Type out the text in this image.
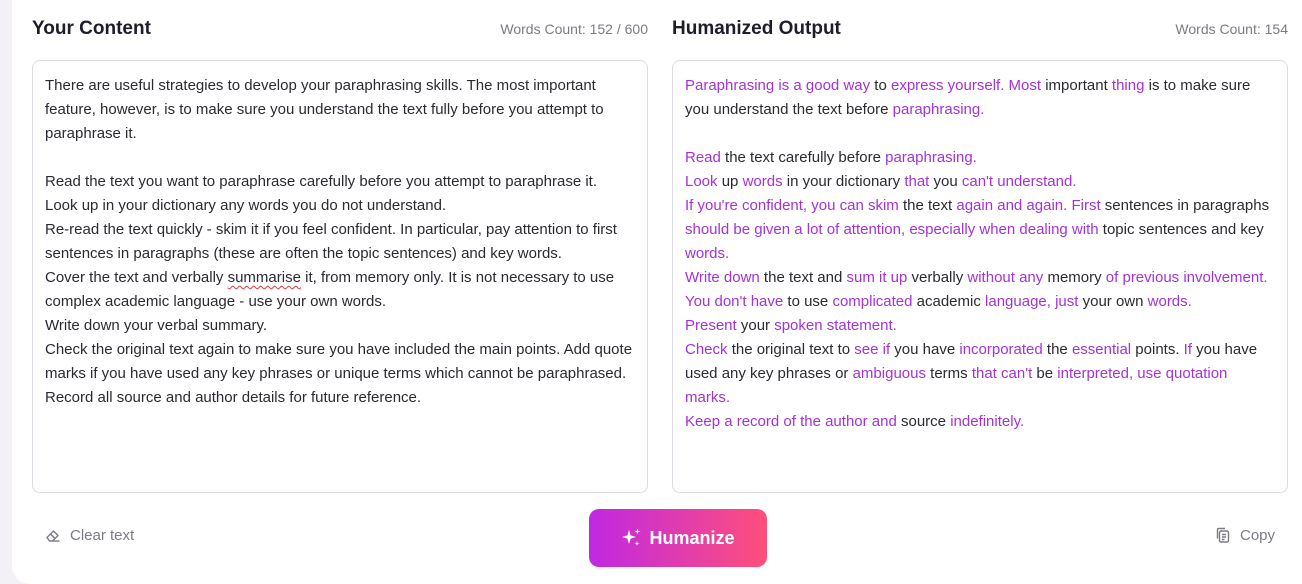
Your Content	Words Count: 152 / 600 Humanized Output	Words Count: 154
There are useful strategies to develop your paraphrasing skills. The most important feature, however, is to make sure you understand the text fully before you attempt to paraphrase it.
Read the text you want to paraphrase carefully before you attempt to paraphrase it.
Look up in your dictionary any words you do not understand.
Re-read the text quickly - skim it if you feel confident. In particular, pay attention to first sentences in paragraphs (these are often the topic sentences) and key words.
Cover the text and verbally summarise it, from memory only. It is not necessary to use complex academic language - use your own words.
Write down your verbal summary.
Check the original text again to make sure you have included the main points. Add quote marks if you have used any key phrases or unique terms which cannot be paraphrased.
Record all source and author details for future reference.
Paraphrasing is a good way to express yourself. Most important thing is to make sure you understand the text before paraphrasing.
Read the text carefully before paraphrasing.
Look up words in your dictionary that you can't understand.
If you're confident, you can skim the text again and again. First sentences in paragraphs should be given a lot of attention, especially when dealing with topic sentences and key words.
Write down the text and sum it up verbally without any memory of previous involvement. You don't have to use complicated academic language, just your own words.
Present your spoken statement.
Check the original text to see if you have incorporated the essential points. If you have used any key phrases or ambiguous terms that can't be interpreted, use quotation marks.
Keep a record of the author and source indefinitely.
Clear text	Humanize	Copy
